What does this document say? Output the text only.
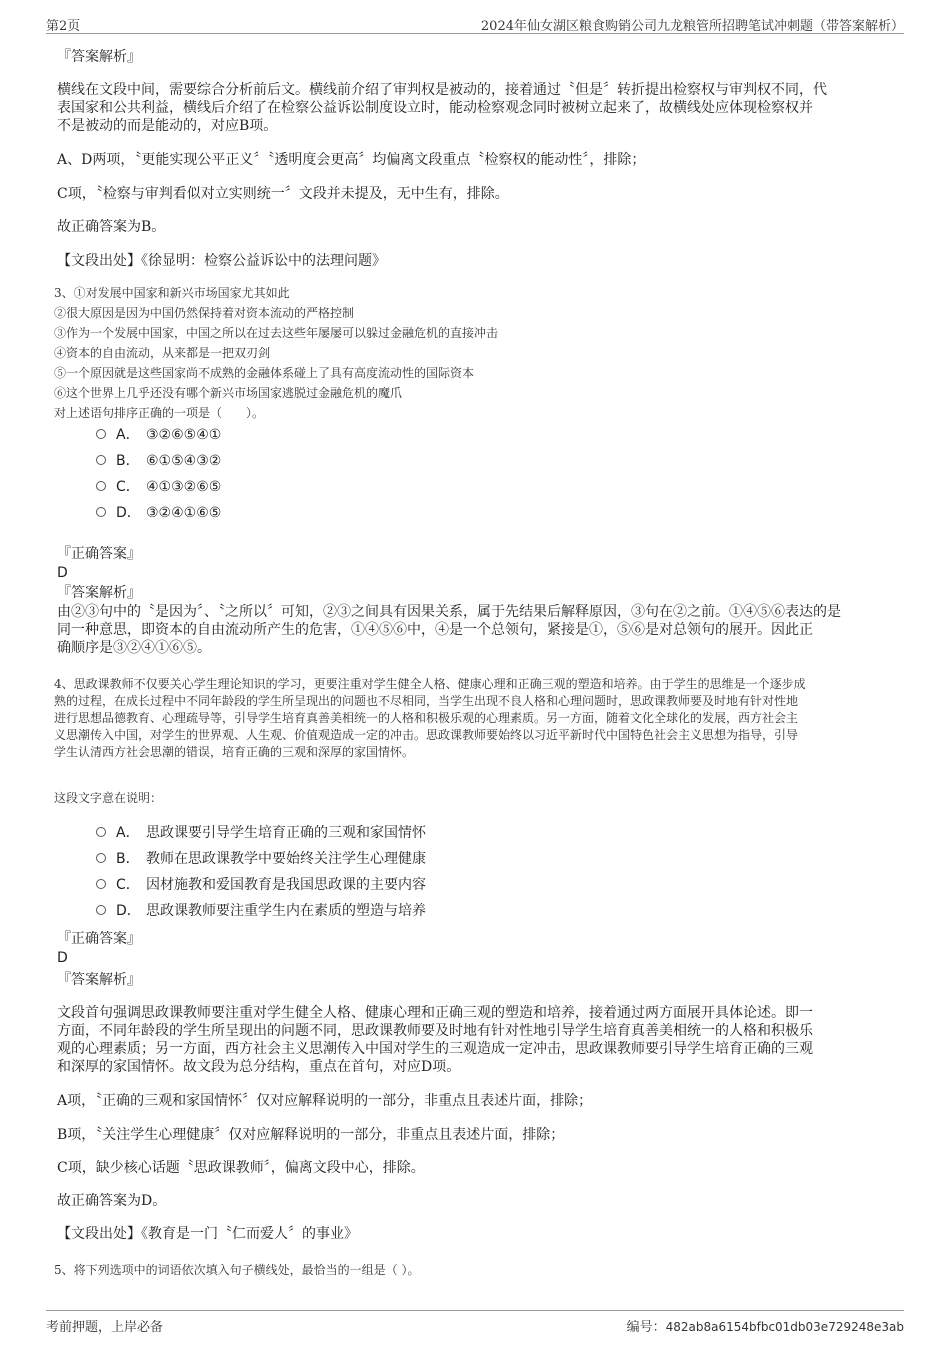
第2页	2024年仙女湖区粮食购销公司九龙粮管所招聘笔试冲刺题（带答案解析）
『答案解析』
横线在文段中间，需要综合分析前后文。横线前介绍了审判权是被动的，接着通过〝但是〞转折提出检察权与审判权不同，代
表国家和公共利益，横线后介绍了在检察公益诉讼制度设立时，能动检察观念同时被树立起来了，故横线处应体现检察权并
不是被动的而是能动的，对应B项。
A、D两项，〝更能实现公平正义〞〝透明度会更高〞均偏离文段重点〝检察权的能动性〞，排除；
C项，〝检察与审判看似对立实则统一〞文段并未提及，无中生有，排除。
故正确答案为B。
【文段出处】《徐显明：检察公益诉讼中的法理问题》
3、①对发展中国家和新兴市场国家尤其如此
②很大原因是因为中国仍然保持着对资本流动的严格控制
③作为一个发展中国家，中国之所以在过去这些年屡屡可以躲过金融危机的直接冲击
④资本的自由流动，从来都是一把双刃剑
⑤一个原因就是这些国家尚不成熟的金融体系碰上了具有高度流动性的国际资本
⑥这个世界上几乎还没有哪个新兴市场国家逃脱过金融危机的魔爪
对上述语句排序正确的一项是（　　）。
A． ③②⑥⑤④①
B． ⑥①⑤④③②
C． ④①③②⑥⑤
D． ③②④①⑥⑤
『正确答案』
D
『答案解析』
由②③句中的〝是因为〞、〝之所以〞可知，②③之间具有因果关系，属于先结果后解释原因，③句在②之前。①④⑤⑥表达的是
同一种意思，即资本的自由流动所产生的危害，①④⑤⑥中，④是一个总领句，紧接是①，⑤⑥是对总领句的展开。因此正
确顺序是③②④①⑥⑤。
4、思政课教师不仅要关心学生理论知识的学习，更要注重对学生健全人格、健康心理和正确三观的塑造和培养。由于学生的思维是一个逐步成
熟的过程，在成长过程中不同年龄段的学生所呈现出的问题也不尽相同，当学生出现不良人格和心理问题时，思政课教师要及时地有针对性地
进行思想品德教育、心理疏导等，引导学生培育真善美相统一的人格和积极乐观的心理素质。另一方面，随着文化全球化的发展，西方社会主
义思潮传入中国，对学生的世界观、人生观、价值观造成一定的冲击。思政课教师要始终以习近平新时代中国特色社会主义思想为指导，引导
学生认清西方社会思潮的错误，培育正确的三观和深厚的家国情怀。
这段文字意在说明：
A． 思政课要引导学生培育正确的三观和家国情怀
B． 教师在思政课教学中要始终关注学生心理健康
C． 因材施教和爱国教育是我国思政课的主要内容
D． 思政课教师要注重学生内在素质的塑造与培养
『正确答案』
D
『答案解析』
文段首句强调思政课教师要注重对学生健全人格、健康心理和正确三观的塑造和培养，接着通过两方面展开具体论述。即一
方面，不同年龄段的学生所呈现出的问题不同，思政课教师要及时地有针对性地引导学生培育真善美相统一的人格和积极乐
观的心理素质；另一方面，西方社会主义思潮传入中国对学生的三观造成一定冲击，思政课教师要引导学生培育正确的三观
和深厚的家国情怀。故文段为总分结构，重点在首句，对应D项。
A项，〝正确的三观和家国情怀〞仅对应解释说明的一部分，非重点且表述片面，排除；
B项，〝关注学生心理健康〞仅对应解释说明的一部分，非重点且表述片面，排除；
C项，缺少核心话题〝思政课教师〞，偏离文段中心，排除。
故正确答案为D。
【文段出处】《教育是一门〝仁而爱人〞的事业》
5、将下列选项中的词语依次填入句子横线处，最恰当的一组是（ ）。
考前押题，上岸必备	编号：482ab8a6154bfbc01db03e729248e3ab
